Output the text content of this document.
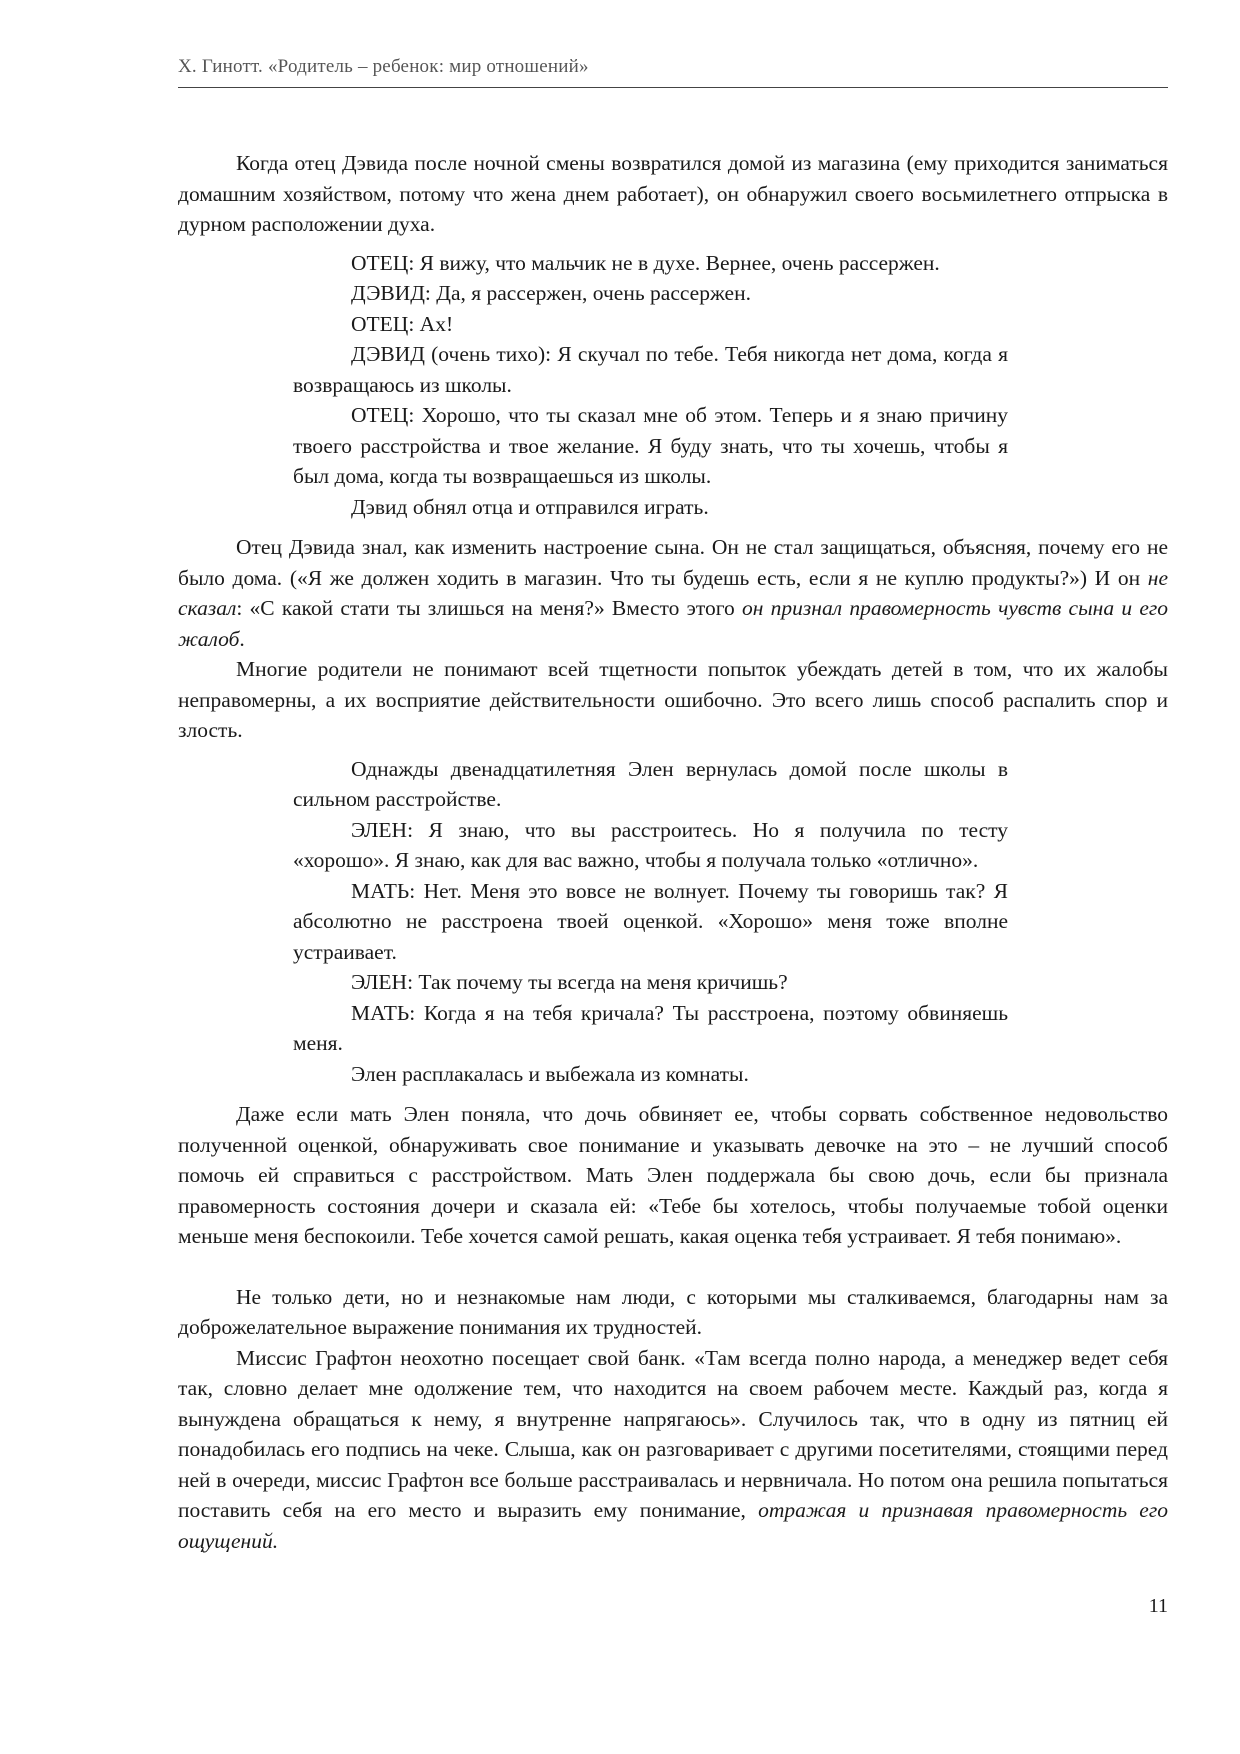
Х. Гинотт. «Родитель – ребенок: мир отношений»

Когда отец Дэвида после ночной смены возвратился домой из магазина (ему приходится заниматься домашним хозяйством, потому что жена днем работает), он обнаружил своего восьмилетнего отпрыска в дурном расположении духа.

ОТЕЦ: Я вижу, что мальчик не в духе. Вернее, очень рассержен.

ДЭВИД: Да, я рассержен, очень рассержен.

ОТЕЦ: Ах!

ДЭВИД (очень тихо): Я скучал по тебе. Тебя никогда нет дома, когда я возвращаюсь из школы.

ОТЕЦ: Хорошо, что ты сказал мне об этом. Теперь и я знаю причину твоего расстройства и твое желание. Я буду знать, что ты хочешь, чтобы я был дома, когда ты возвращаешься из школы.

Дэвид обнял отца и отправился играть.

Отец Дэвида знал, как изменить настроение сына. Он не стал защищаться, объясняя, почему его не было дома. («Я же должен ходить в магазин. Что ты будешь есть, если я не куплю продукты?») И он не сказал: «С какой стати ты злишься на меня?» Вместо этого он признал правомерность чувств сына и его жалоб.

Многие родители не понимают всей тщетности попыток убеждать детей в том, что их жалобы неправомерны, а их восприятие действительности ошибочно. Это всего лишь способ распалить спор и злость.

Однажды двенадцатилетняя Элен вернулась домой после школы в сильном расстройстве.

ЭЛЕН: Я знаю, что вы расстроитесь. Но я получила по тесту «хорошо». Я знаю, как для вас важно, чтобы я получала только «отлично».

МАТЬ: Нет. Меня это вовсе не волнует. Почему ты говоришь так? Я абсолютно не расстроена твоей оценкой. «Хорошо» меня тоже вполне устраивает.

ЭЛЕН: Так почему ты всегда на меня кричишь?

МАТЬ: Когда я на тебя кричала? Ты расстроена, поэтому обвиняешь меня.

Элен расплакалась и выбежала из комнаты.

Даже если мать Элен поняла, что дочь обвиняет ее, чтобы сорвать собственное недовольство полученной оценкой, обнаруживать свое понимание и указывать девочке на это – не лучший способ помочь ей справиться с расстройством. Мать Элен поддержала бы свою дочь, если бы признала правомерность состояния дочери и сказала ей: «Тебе бы хотелось, чтобы получаемые тобой оценки меньше меня беспокоили. Тебе хочется самой решать, какая оценка тебя устраивает. Я тебя понимаю».

Не только дети, но и незнакомые нам люди, с которыми мы сталкиваемся, благодарны нам за доброжелательное выражение понимания их трудностей.

Миссис Графтон неохотно посещает свой банк. «Там всегда полно народа, а менеджер ведет себя так, словно делает мне одолжение тем, что находится на своем рабочем месте. Каждый раз, когда я вынуждена обращаться к нему, я внутренне напрягаюсь». Случилось так, что в одну из пятниц ей понадобилась его подпись на чеке. Слыша, как он разговаривает с другими посетителями, стоящими перед ней в очереди, миссис Графтон все больше расстраивалась и нервничала. Но потом она решила попытаться поставить себя на его место и выразить ему понимание, отражая и признавая правомерность его ощущений.

11
